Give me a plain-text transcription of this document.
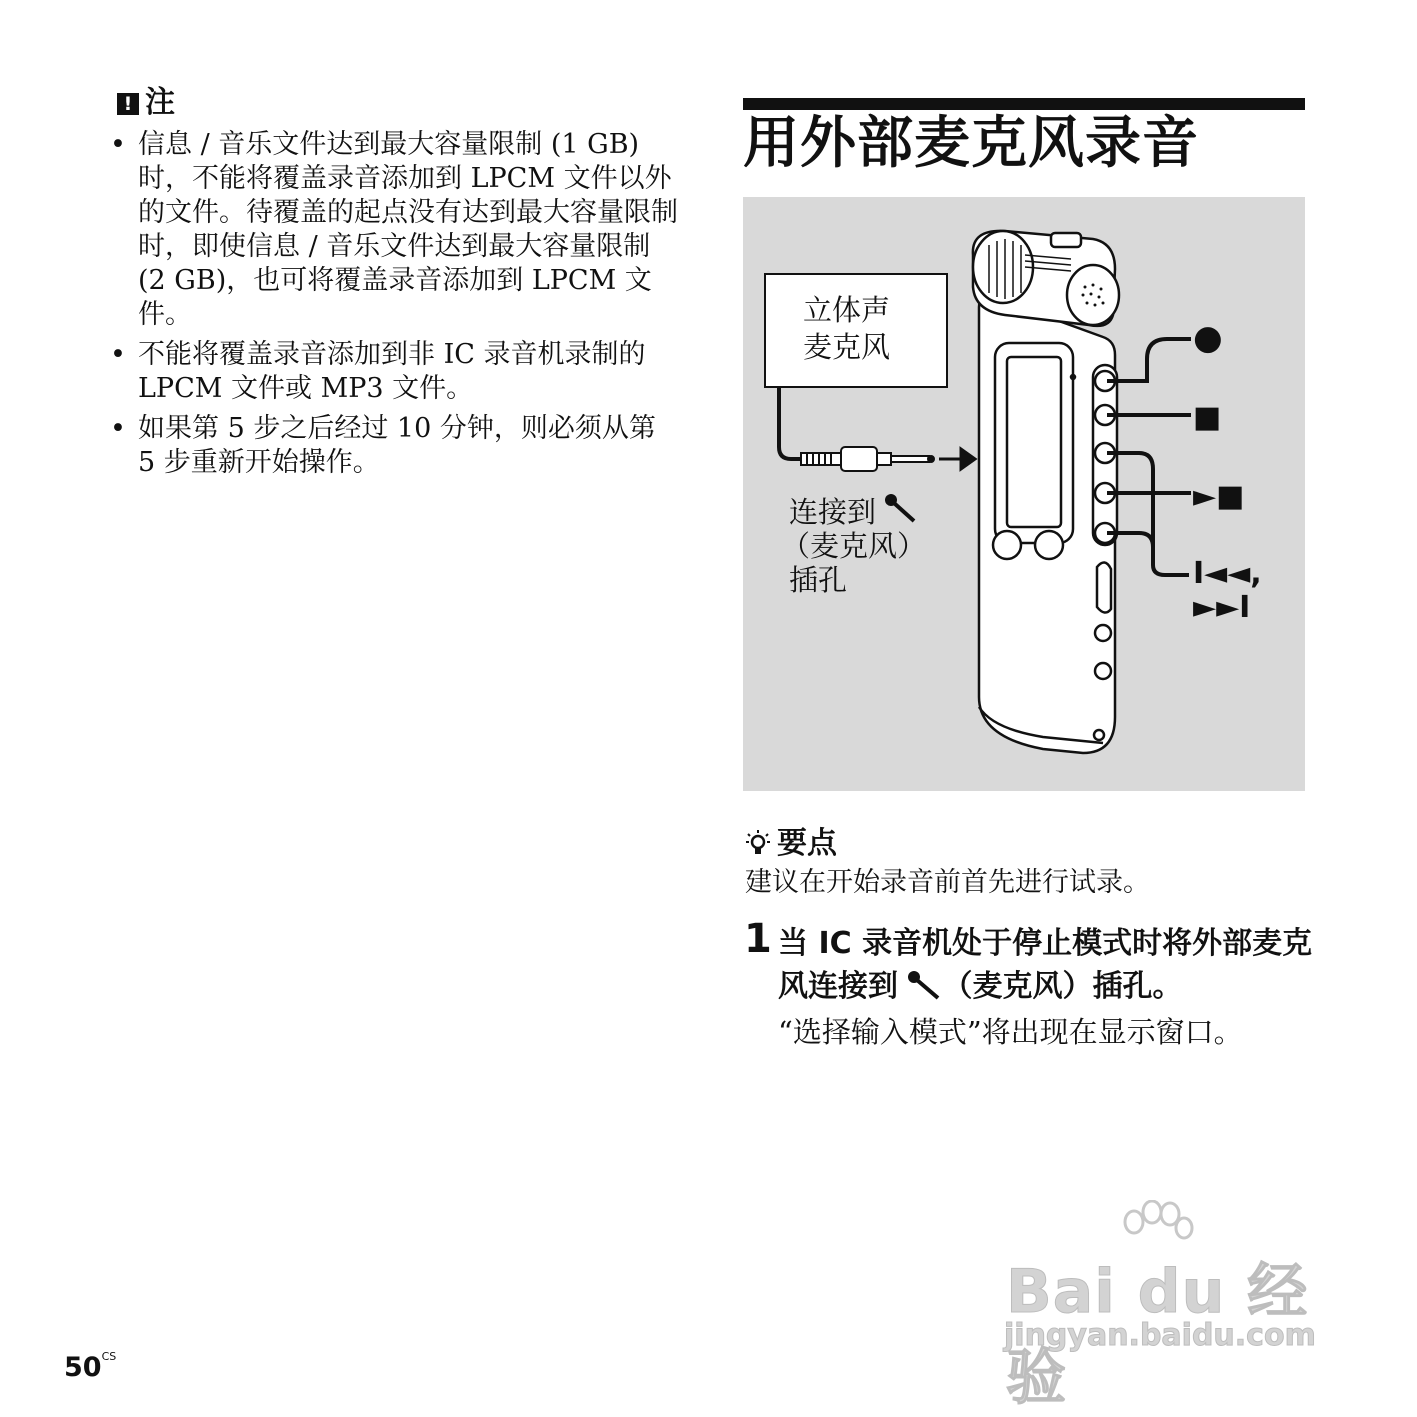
! 注
• 信息 / 音乐文件达到最大容量限制 (1 GB) 时，不能将覆盖录音添加到 LPCM 文件以外的文件。待覆盖的起点没有达到最大容量限制时，即使信息 / 音乐文件达到最大容量限制 (2 GB)，也可将覆盖录音添加到 LPCM 文件。
• 不能将覆盖录音添加到非 IC 录音机录制的 LPCM 文件或 MP3 文件。
• 如果第 5 步之后经过 10 分钟，则必须从第 5 步重新开始操作。
用外部麦克风录音
立体声
麦克风
连接到
（麦克风）
插孔
●
■
►■
I◄◄,
►►I
要点
建议在开始录音前首先进行试录。
1 当 IC 录音机处于停止模式时将外部麦克风连接到 （麦克风）插孔。
“选择输入模式”将出现在显示窗口。
$50^{CS}$
Bai du 经验
jingyan.baidu.com
